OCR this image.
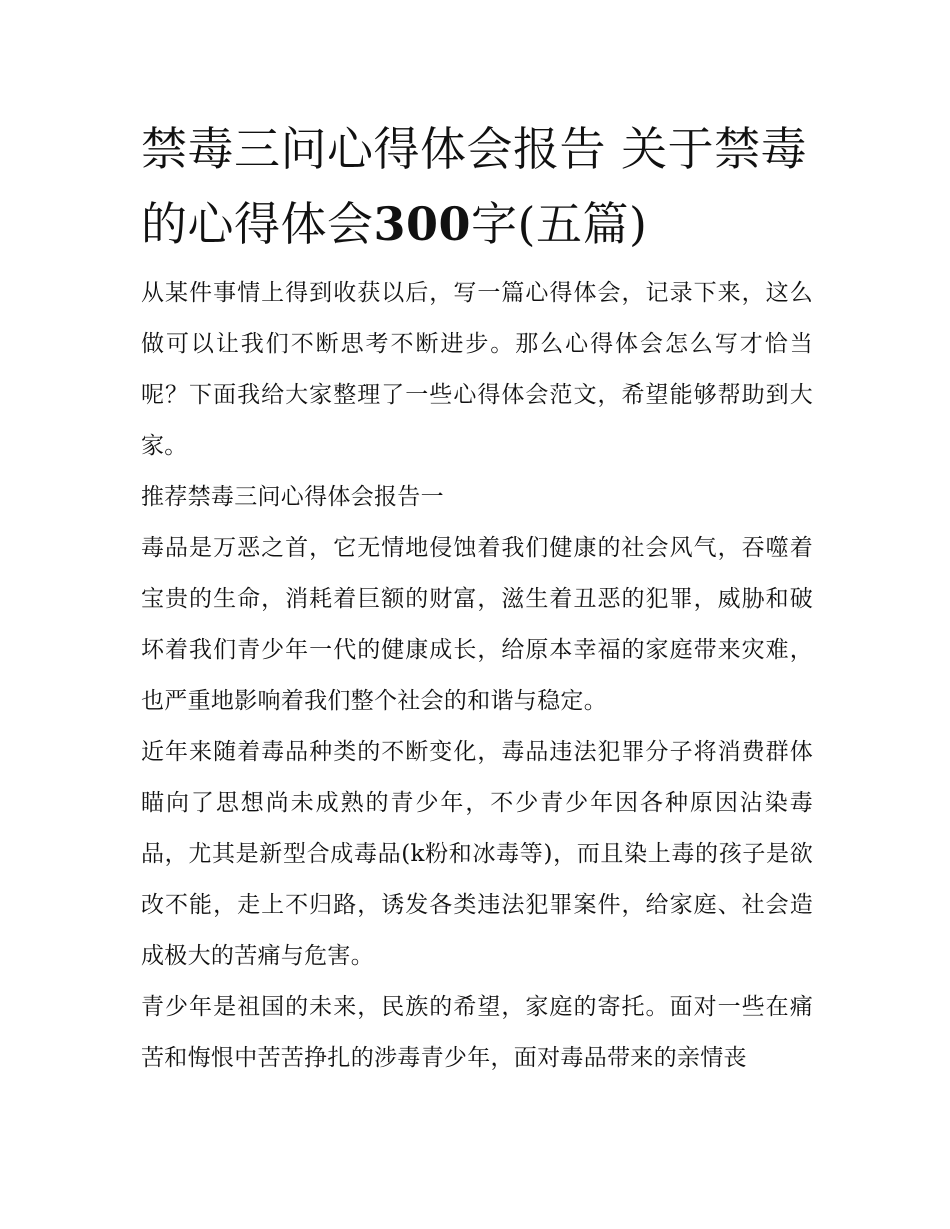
禁毒三问心得体会报告 关于禁毒的心得体会300字(五篇)

从某件事情上得到收获以后，写一篇心得体会，记录下来，这么做可以让我们不断思考不断进步。那么心得体会怎么写才恰当呢？下面我给大家整理了一些心得体会范文，希望能够帮助到大家。

推荐禁毒三问心得体会报告一

毒品是万恶之首，它无情地侵蚀着我们健康的社会风气，吞噬着宝贵的生命，消耗着巨额的财富，滋生着丑恶的犯罪，威胁和破坏着我们青少年一代的健康成长，给原本幸福的家庭带来灾难，也严重地影响着我们整个社会的和谐与稳定。

近年来随着毒品种类的不断变化，毒品违法犯罪分子将消费群体瞄向了思想尚未成熟的青少年，不少青少年因各种原因沾染毒品，尤其是新型合成毒品(k粉和冰毒等)，而且染上毒的孩子是欲改不能，走上不归路，诱发各类违法犯罪案件，给家庭、社会造成极大的苦痛与危害。

青少年是祖国的未来，民族的希望，家庭的寄托。面对一些在痛苦和悔恨中苦苦挣扎的涉毒青少年，面对毒品带来的亲情丧
